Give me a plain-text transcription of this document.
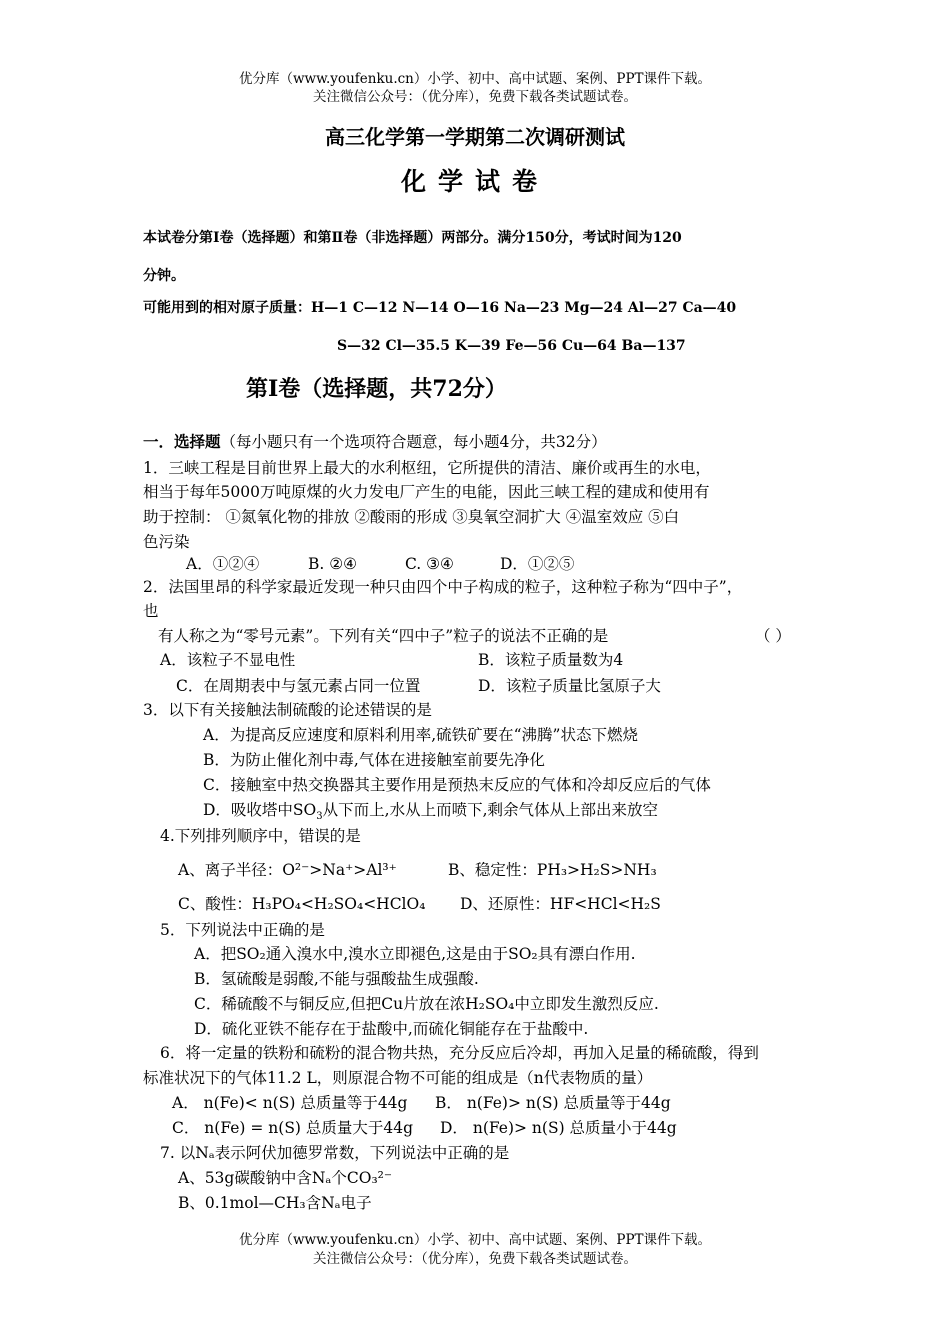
优分库（www.youfenku.cn）小学、初中、高中试题、案例、PPT课件下载。
关注微信公众号：（优分库），免费下载各类试题试卷。
高三化学第一学期第二次调研测试
化学试卷
本试卷分第Ⅰ卷（选择题）和第Ⅱ卷（非选择题）两部分。满分150分，考试时间为120
分钟。
可能用到的相对原子质量：H—1 C—12 N—14 O—16 Na—23 Mg—24 Al—27 Ca—40
S—32 Cl—35.5 K—39 Fe—56 Cu—64 Ba—137
第I卷（选择题，共72分）
一．选择题（每小题只有一个选项符合题意，每小题4分，共32分）
1．三峡工程是目前世界上最大的水利枢纽，它所提供的清洁、廉价或再生的水电，
相当于每年5000万吨原煤的火力发电厂产生的电能，因此三峡工程的建成和使用有
助于控制： ①氮氧化物的排放 ②酸雨的形成 ③臭氧空洞扩大 ④温室效应 ⑤白
色污染
A．①②④	B. ②④	C. ③④	D．①②⑤
2．法国里昂的科学家最近发现一种只由四个中子构成的粒子，这种粒子称为“四中子”，
也
有人称之为“零号元素”。下列有关“四中子”粒子的说法不正确的是	（ ）
A．该粒子不显电性	B．该粒子质量数为4
C．在周期表中与氢元素占同一位置	D．该粒子质量比氢原子大
3．以下有关接触法制硫酸的论述错误的是
A．为提高反应速度和原料利用率,硫铁矿要在“沸腾”状态下燃烧
B．为防止催化剂中毒,气体在进接触室前要先净化
C．接触室中热交换器其主要作用是预热末反应的气体和冷却反应后的气体
D．吸收塔中$SO_3$从下而上,水从上而喷下,剩余气体从上部出来放空
4.下列排列顺序中，错误的是
A、离子半径：O²⁻>Na⁺>Al³⁺	B、稳定性：PH₃>H₂S>NH₃
C、酸性：H₃PO₄<H₂SO₄<HClO₄ D、还原性：HF<HCl<H₂S
5．下列说法中正确的是
A．把SO₂通入溴水中,溴水立即褪色,这是由于SO₂具有漂白作用.
B．氢硫酸是弱酸,不能与强酸盐生成强酸.
C．稀硫酸不与铜反应,但把Cu片放在浓H₂SO₄中立即发生激烈反应.
D．硫化亚铁不能存在于盐酸中,而硫化铜能存在于盐酸中.
6．将一定量的铁粉和硫粉的混合物共热，充分反应后冷却，再加入足量的稀硫酸，得到
标准状况下的气体11.2 L，则原混合物不可能的组成是（n代表物质的量）
A． n(Fe)< n(S) 总质量等于44g B． n(Fe)> n(S) 总质量等于44g
C． n(Fe) = n(S) 总质量大于44g D． n(Fe)> n(S) 总质量小于44g
7. 以Nₐ表示阿伏加德罗常数，下列说法中正确的是
A、53g碳酸钠中含Nₐ个CO₃²⁻
B、0.1mol—CH₃含Nₐ电子
优分库（www.youfenku.cn）小学、初中、高中试题、案例、PPT课件下载。
关注微信公众号：（优分库），免费下载各类试题试卷。
